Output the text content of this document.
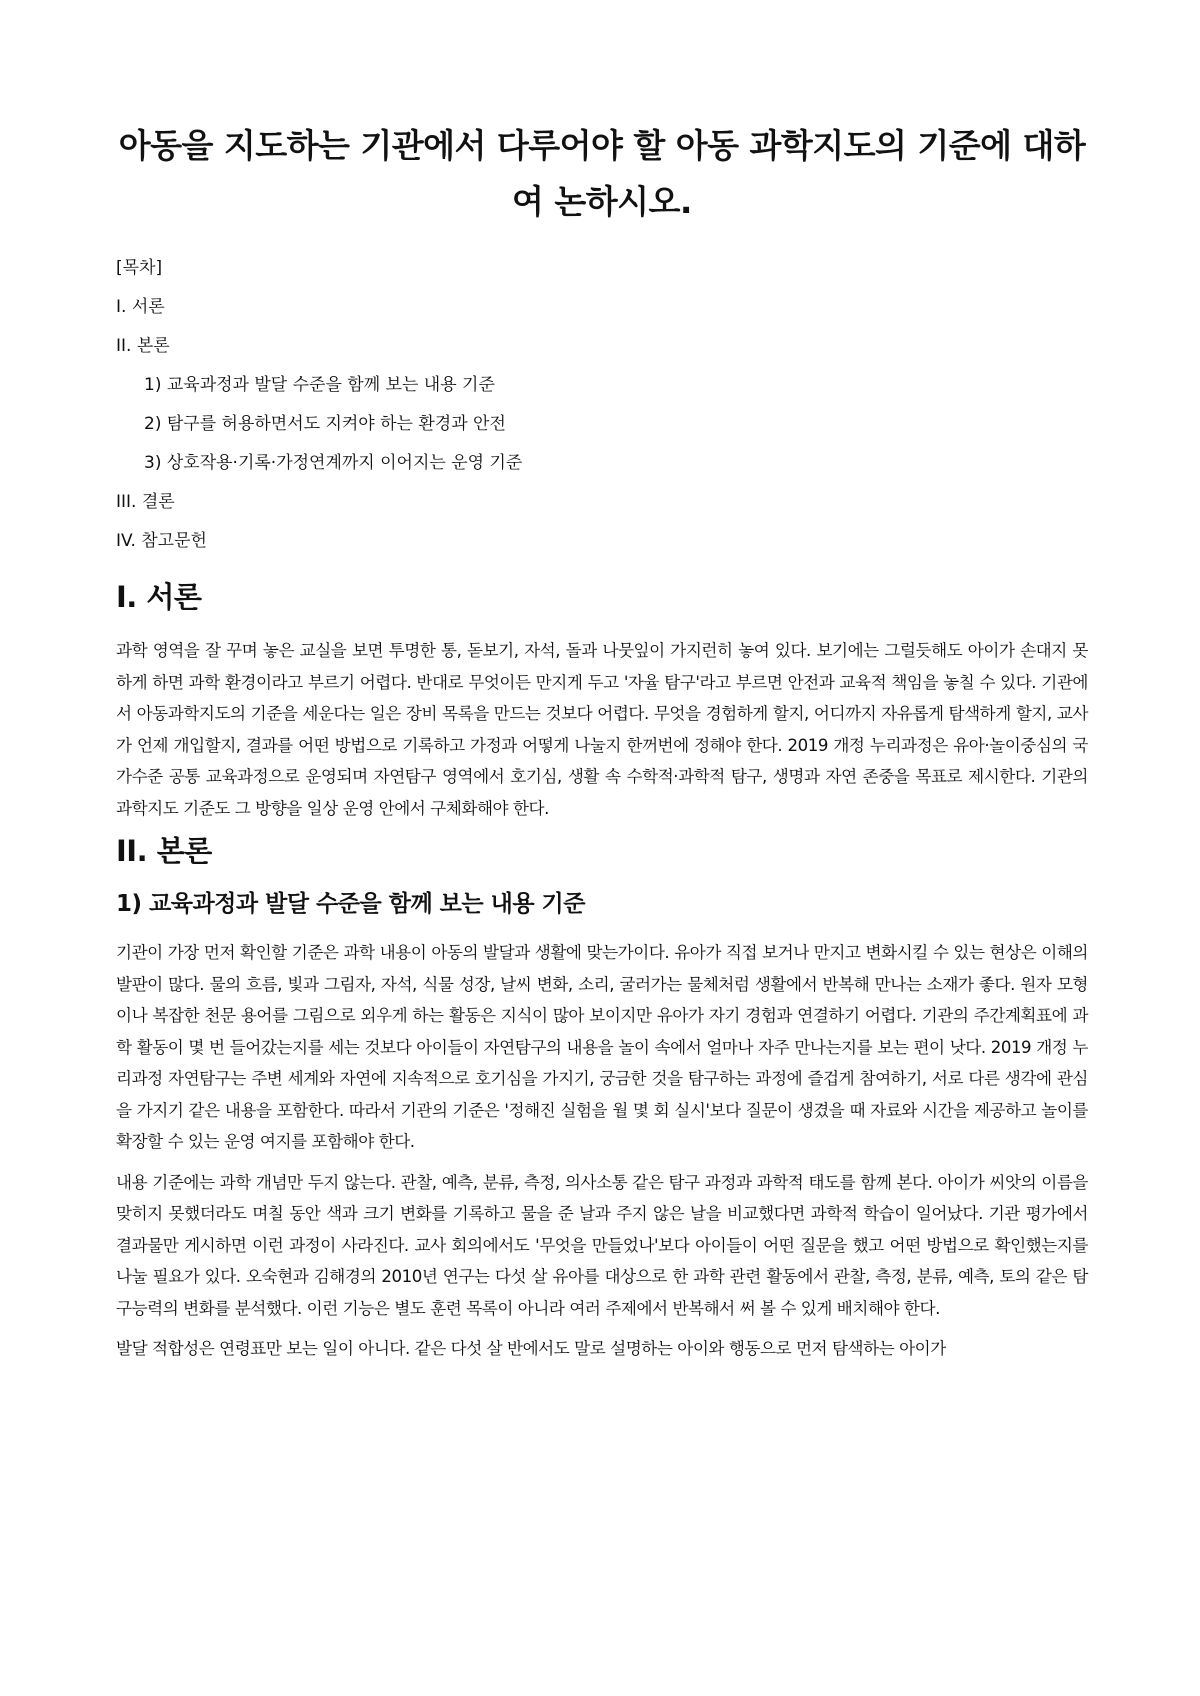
아동을 지도하는 기관에서 다루어야 할 아동 과학지도의 기준에 대하여 논하시오.
[목차]
I. 서론
II. 본론
1) 교육과정과 발달 수준을 함께 보는 내용 기준
2) 탐구를 허용하면서도 지켜야 하는 환경과 안전
3) 상호작용·기록·가정연계까지 이어지는 운영 기준
III. 결론
IV. 참고문헌
I. 서론

과학 영역을 잘 꾸며 놓은 교실을 보면 투명한 통, 돋보기, 자석, 돌과 나뭇잎이 가지런히 놓여 있다. 보기에는 그럴듯해도 아이가 손대지 못하게 하면 과학 환경이라고 부르기 어렵다. 반대로 무엇이든 만지게 두고 '자율 탐구'라고 부르면 안전과 교육적 책임을 놓칠 수 있다. 기관에서 아동과학지도의 기준을 세운다는 일은 장비 목록을 만드는 것보다 어렵다. 무엇을 경험하게 할지, 어디까지 자유롭게 탐색하게 할지, 교사가 언제 개입할지, 결과를 어떤 방법으로 기록하고 가정과 어떻게 나눌지 한꺼번에 정해야 한다. 2019 개정 누리과정은 유아·놀이중심의 국가수준 공통 교육과정으로 운영되며 자연탐구 영역에서 호기심, 생활 속 수학적·과학적 탐구, 생명과 자연 존중을 목표로 제시한다. 기관의 과학지도 기준도 그 방향을 일상 운영 안에서 구체화해야 한다.

II. 본론
1) 교육과정과 발달 수준을 함께 보는 내용 기준

기관이 가장 먼저 확인할 기준은 과학 내용이 아동의 발달과 생활에 맞는가이다. 유아가 직접 보거나 만지고 변화시킬 수 있는 현상은 이해의 발판이 많다. 물의 흐름, 빛과 그림자, 자석, 식물 성장, 날씨 변화, 소리, 굴러가는 물체처럼 생활에서 반복해 만나는 소재가 좋다. 원자 모형이나 복잡한 천문 용어를 그림으로 외우게 하는 활동은 지식이 많아 보이지만 유아가 자기 경험과 연결하기 어렵다. 기관의 주간계획표에 과학 활동이 몇 번 들어갔는지를 세는 것보다 아이들이 자연탐구의 내용을 놀이 속에서 얼마나 자주 만나는지를 보는 편이 낫다. 2019 개정 누리과정 자연탐구는 주변 세계와 자연에 지속적으로 호기심을 가지기, 궁금한 것을 탐구하는 과정에 즐겁게 참여하기, 서로 다른 생각에 관심을 가지기 같은 내용을 포함한다. 따라서 기관의 기준은 '정해진 실험을 월 몇 회 실시'보다 질문이 생겼을 때 자료와 시간을 제공하고 놀이를 확장할 수 있는 운영 여지를 포함해야 한다.

내용 기준에는 과학 개념만 두지 않는다. 관찰, 예측, 분류, 측정, 의사소통 같은 탐구 과정과 과학적 태도를 함께 본다. 아이가 씨앗의 이름을 맞히지 못했더라도 며칠 동안 색과 크기 변화를 기록하고 물을 준 날과 주지 않은 날을 비교했다면 과학적 학습이 일어났다. 기관 평가에서 결과물만 게시하면 이런 과정이 사라진다. 교사 회의에서도 '무엇을 만들었나'보다 아이들이 어떤 질문을 했고 어떤 방법으로 확인했는지를 나눌 필요가 있다. 오숙현과 김해경의 2010년 연구는 다섯 살 유아를 대상으로 한 과학 관련 활동에서 관찰, 측정, 분류, 예측, 토의 같은 탐구능력의 변화를 분석했다. 이런 기능은 별도 훈련 목록이 아니라 여러 주제에서 반복해서 써 볼 수 있게 배치해야 한다.

발달 적합성은 연령표만 보는 일이 아니다. 같은 다섯 살 반에서도 말로 설명하는 아이와 행동으로 먼저 탐색하는 아이가
